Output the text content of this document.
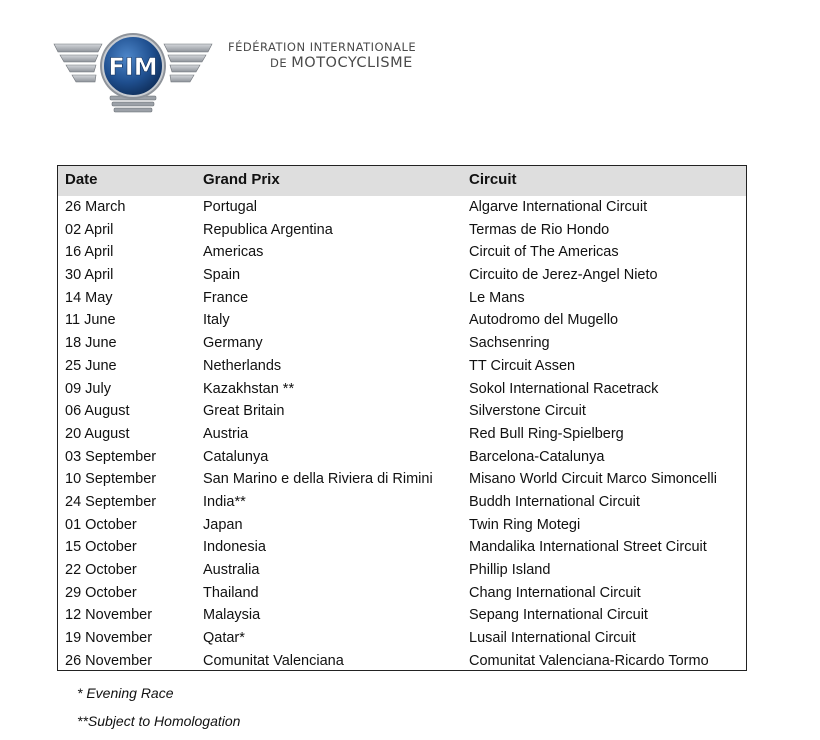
FIM
FÉDÉRATION INTERNATIONALE
DE MOTOCYCLISME
Date	Grand Prix	Circuit
26 March	Portugal	Algarve International Circuit
02 April	Republica Argentina	Termas de Rio Hondo
16 April	Americas	Circuit of The Americas
30 April	Spain	Circuito de Jerez-Angel Nieto
14 May	France	Le Mans
11 June	Italy	Autodromo del Mugello
18 June	Germany	Sachsenring
25 June	Netherlands	TT Circuit Assen
09 July	Kazakhstan **	Sokol International Racetrack
06 August	Great Britain	Silverstone Circuit
20 August	Austria	Red Bull Ring-Spielberg
03 September	Catalunya	Barcelona-Catalunya
10 September	San Marino e della Riviera di Rimini	Misano World Circuit Marco Simoncelli
24 September	India**	Buddh International Circuit
01 October	Japan	Twin Ring Motegi
15 October	Indonesia	Mandalika International Street Circuit
22 October	Australia	Phillip Island
29 October	Thailand	Chang International Circuit
12 November	Malaysia	Sepang International Circuit
19 November	Qatar*	Lusail International Circuit
26 November	Comunitat Valenciana	Comunitat Valenciana-Ricardo Tormo
* Evening Race
**Subject to Homologation
